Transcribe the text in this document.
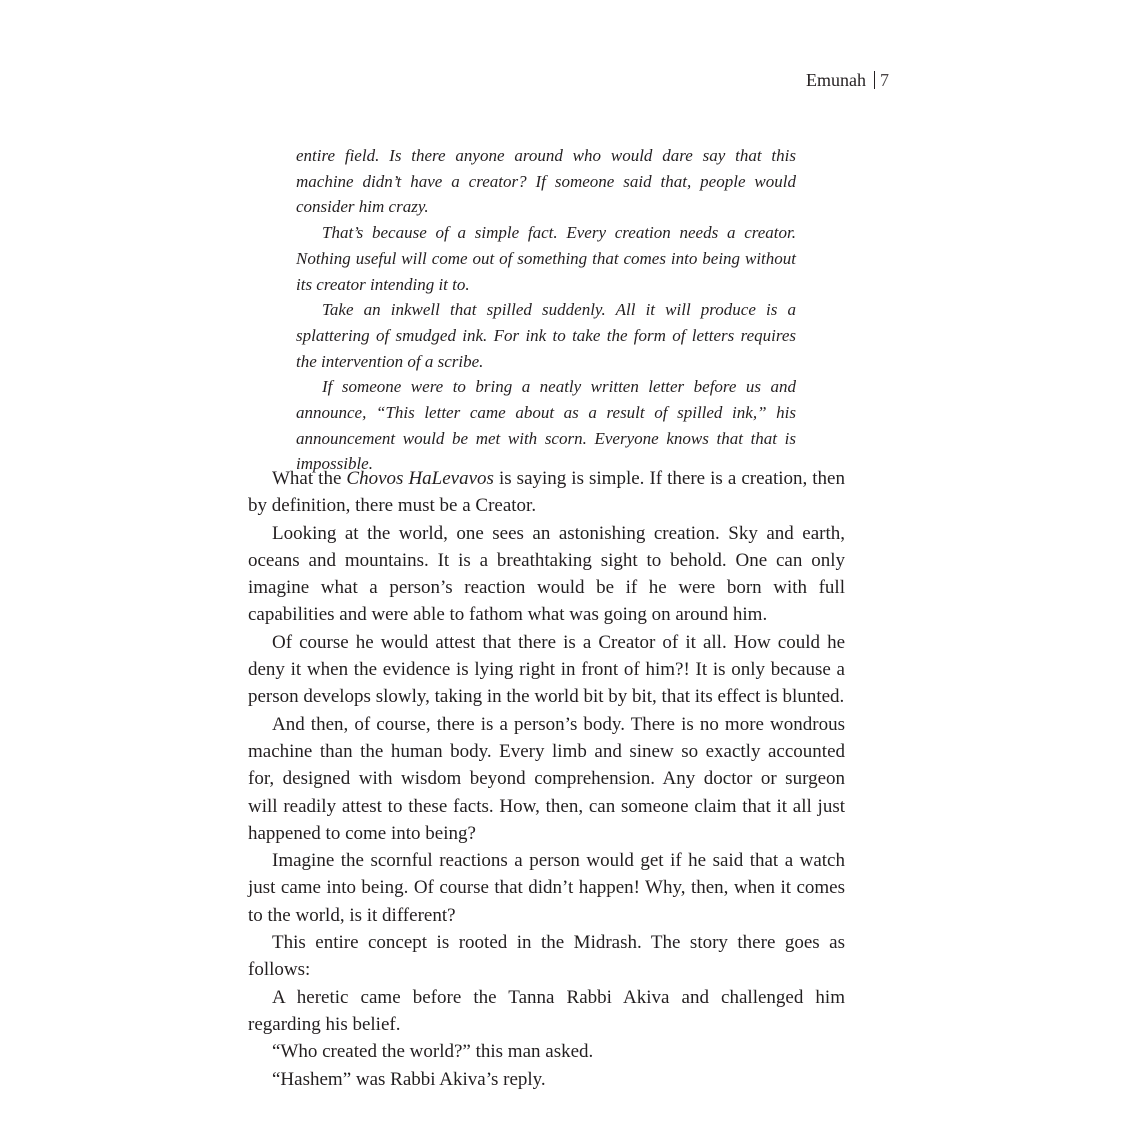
Emunah 7

entire field. Is there anyone around who would dare say that this machine didn’t have a creator? If someone said that, people would consider him crazy.

That’s because of a simple fact. Every creation needs a creator. Nothing useful will come out of something that comes into being without its creator intending it to.

Take an inkwell that spilled suddenly. All it will produce is a splattering of smudged ink. For ink to take the form of letters requires the intervention of a scribe.

If someone were to bring a neatly written letter before us and announce, “This letter came about as a result of spilled ink,” his announcement would be met with scorn. Everyone knows that that is impossible.

What the Chovos HaLevavos is saying is simple. If there is a creation, then by definition, there must be a Creator.

Looking at the world, one sees an astonishing creation. Sky and earth, oceans and mountains. It is a breathtaking sight to behold. One can only imagine what a person’s reaction would be if he were born with full capabilities and were able to fathom what was going on around him.

Of course he would attest that there is a Creator of it all. How could he deny it when the evidence is lying right in front of him?! It is only because a person develops slowly, taking in the world bit by bit, that its effect is blunted.

And then, of course, there is a person’s body. There is no more wondrous machine than the human body. Every limb and sinew so exactly accounted for, designed with wisdom beyond comprehension. Any doctor or surgeon will readily attest to these facts. How, then, can someone claim that it all just happened to come into being?

Imagine the scornful reactions a person would get if he said that a watch just came into being. Of course that didn’t happen! Why, then, when it comes to the world, is it different?

This entire concept is rooted in the Midrash. The story there goes as follows:

A heretic came before the Tanna Rabbi Akiva and challenged him regarding his belief.

“Who created the world?” this man asked.

“Hashem” was Rabbi Akiva’s reply.
